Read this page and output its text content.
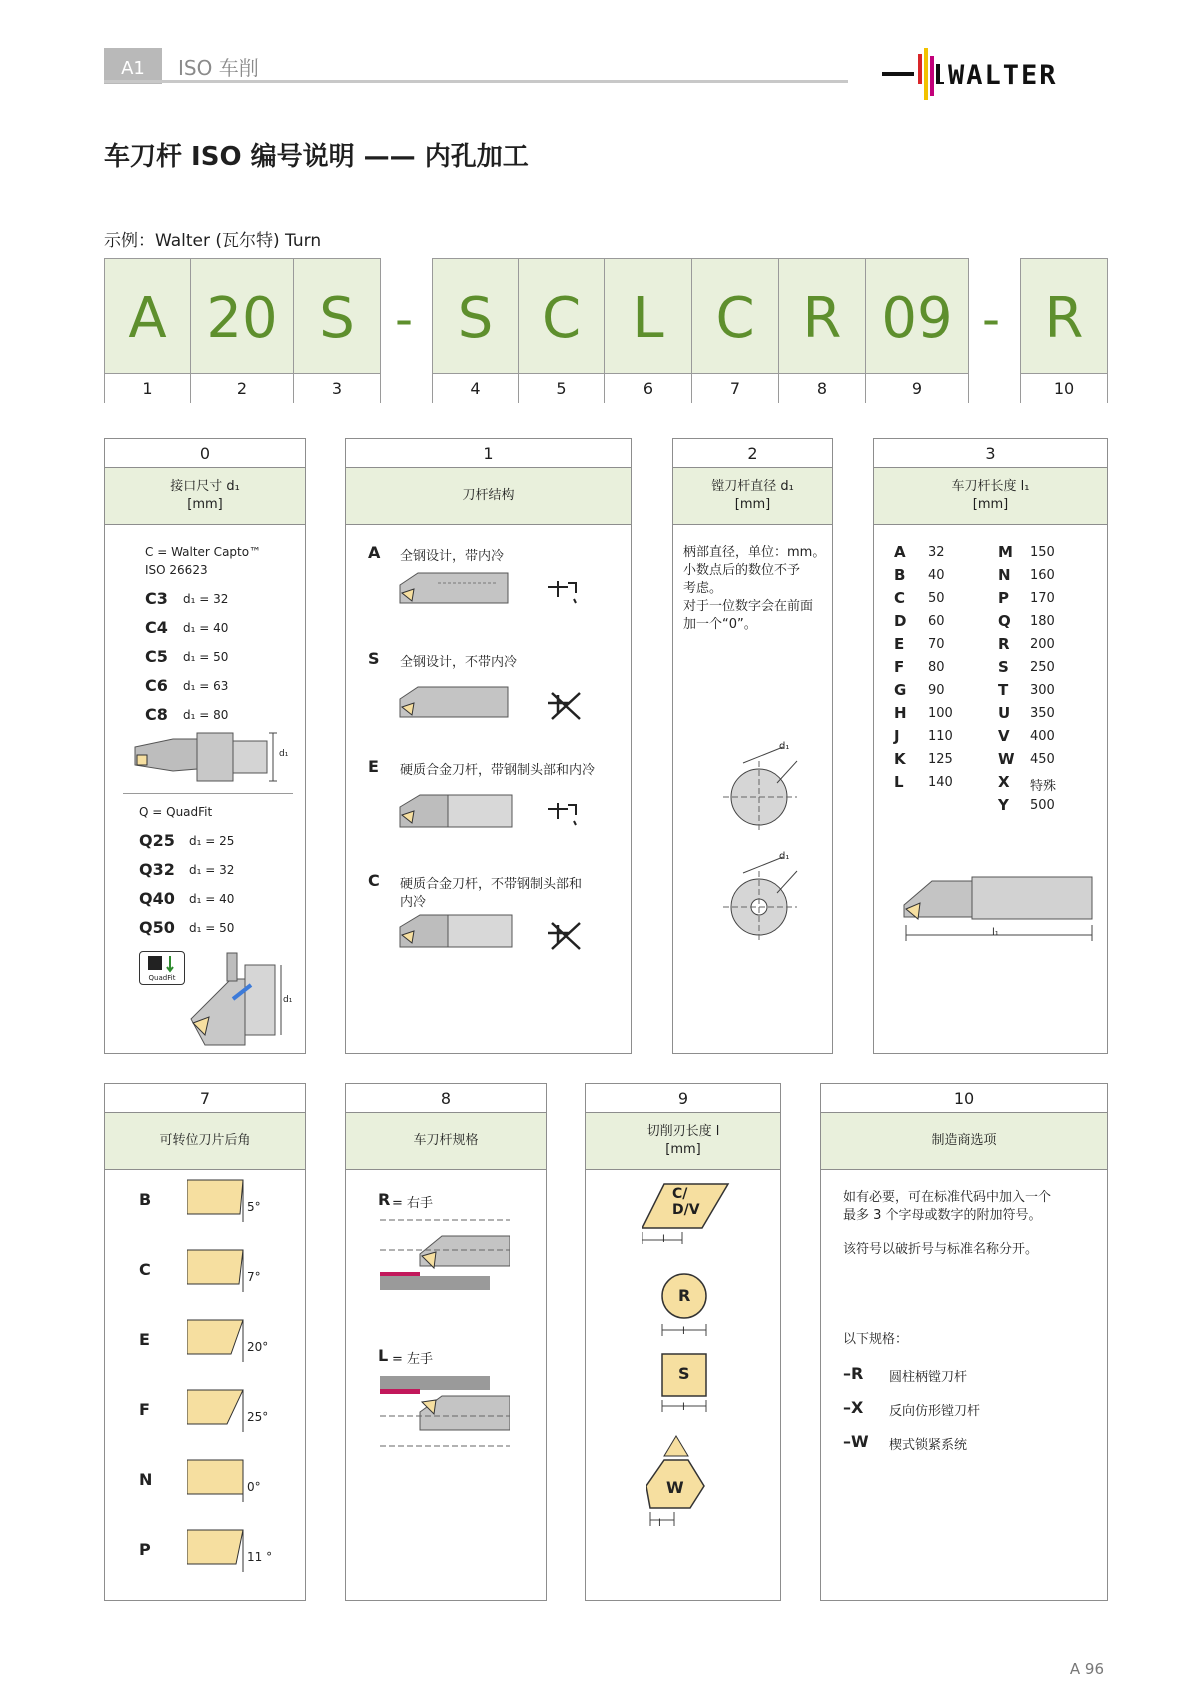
A1	ISO 车削	WALTER
车刀杆 ISO 编号说明 —— 内孔加工
示例：Walter (瓦尔特) Turn
A
1
20
2
S
3
- S
4
C
5
L
6
C
7
R
8
09
9
- R
10
0
接口尺寸 d₁
[mm]
C = Walter Capto™
ISO 26623
C3 d₁ = 32
C4 d₁ = 40
C5 d₁ = 50
C6 d₁ = 63
C8 d₁ = 80
d₁
Q = QuadFit
Q25 d₁ = 25
Q32 d₁ = 32
Q40 d₁ = 40
Q50 d₁ = 50
QuadFit
d₁
1
刀杆结构
A 全钢设计，带内冷
S 全钢设计，不带内冷
E 硬质合金刀杆，带钢制头部和内冷
C 硬质合金刀杆，不带钢制头部和
内冷
2
镗刀杆直径 d₁
[mm]
柄部直径，单位：mm。
小数点后的数位不予
考虑。
对于一位数字会在前面
加一个“0”。
d₁
d₁
3
车刀杆长度 l₁
[mm]
A 32
B 40
C 50
D 60
E 70
F 80
G 90
H 100
J 110
K 125
L 140
M 150
N 160
P 170
Q 180
R 200
S 250
T 300
U 350
V 400
W 450
X 特殊
Y 500
l₁
7
可转位刀片后角
B	5°
C	7°
E	20°
F	25°
N	0°
P	11 °
8
车刀杆规格
R = 右手
L = 左手
9
切削刃长度 l
[mm]
C/
D/V
l
R
l
S
l
W
l
10
制造商选项
如有必要，可在标准代码中加入一个
最多 3 个字母或数字的附加符号。
该符号以破折号与标准名称分开。
以下规格：
–R 圆柱柄镗刀杆
–X 反向仿形镗刀杆
–W 楔式锁紧系统
A 96
